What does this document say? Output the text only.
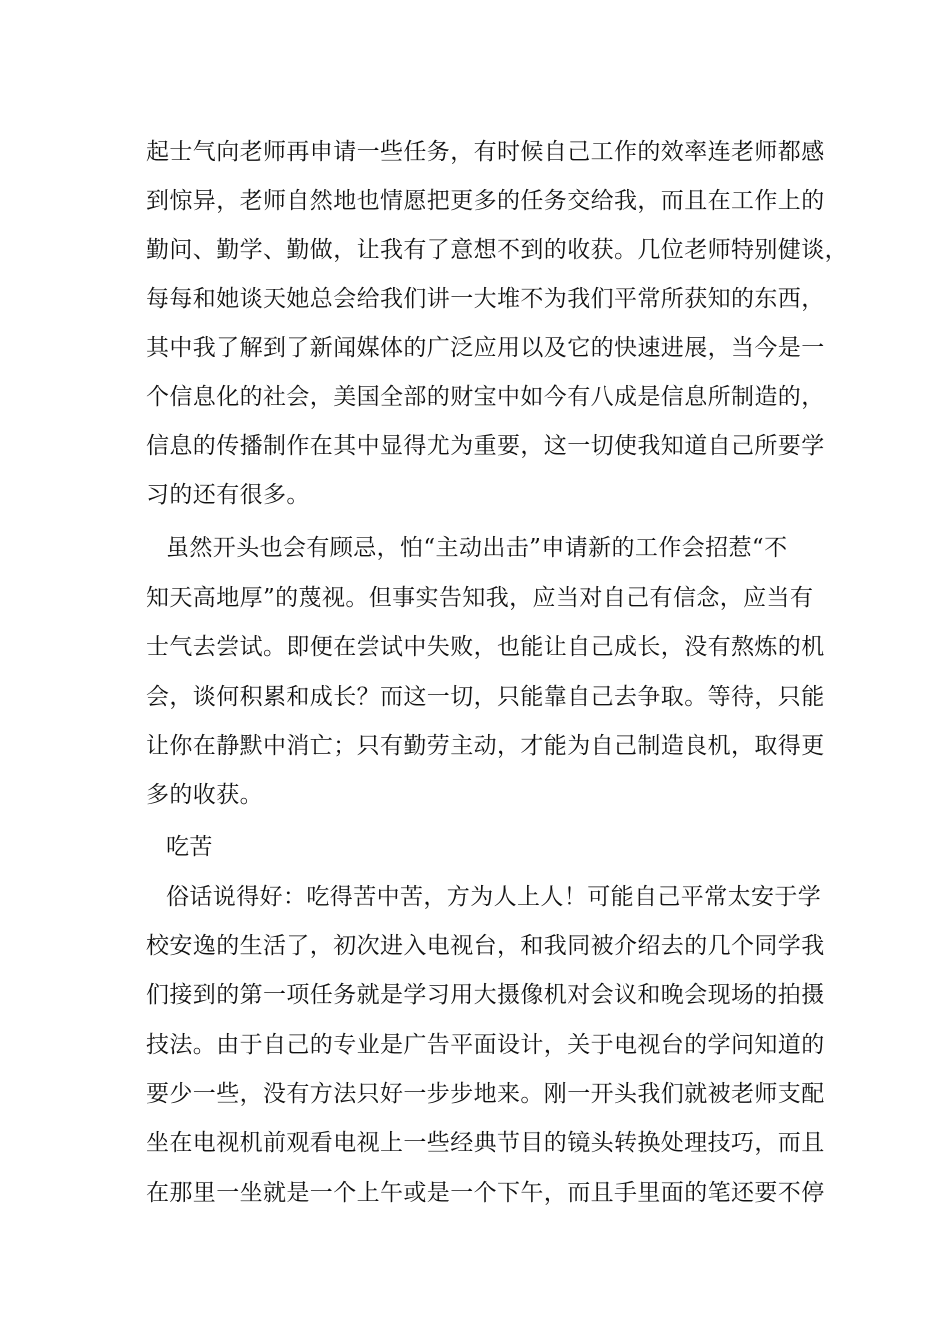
起士气向老师再申请一些任务，有时候自己工作的效率连老师都感
到惊异，老师自然地也情愿把更多的任务交给我，而且在工作上的
勤问、勤学、勤做，让我有了意想不到的收获。几位老师特别健谈，
每每和她谈天她总会给我们讲一大堆不为我们平常所获知的东西，
其中我了解到了新闻媒体的广泛应用以及它的快速进展，当今是一
个信息化的社会，美国全部的财宝中如今有八成是信息所制造的，
信息的传播制作在其中显得尤为重要，这一切使我知道自己所要学
习的还有很多。
虽然开头也会有顾忌，怕“主动出击”申请新的工作会招惹“不
知天高地厚”的蔑视。但事实告知我，应当对自己有信念，应当有
士气去尝试。即便在尝试中失败，也能让自己成长，没有熬炼的机
会，谈何积累和成长？而这一切，只能靠自己去争取。等待，只能
让你在静默中消亡；只有勤劳主动，才能为自己制造良机，取得更
多的收获。
吃苦
俗话说得好：吃得苦中苦，方为人上人！可能自己平常太安于学
校安逸的生活了，初次进入电视台，和我同被介绍去的几个同学我
们接到的第一项任务就是学习用大摄像机对会议和晚会现场的拍摄
技法。由于自己的专业是广告平面设计，关于电视台的学问知道的
要少一些，没有方法只好一步步地来。刚一开头我们就被老师支配
坐在电视机前观看电视上一些经典节目的镜头转换处理技巧，而且
在那里一坐就是一个上午或是一个下午，而且手里面的笔还要不停
